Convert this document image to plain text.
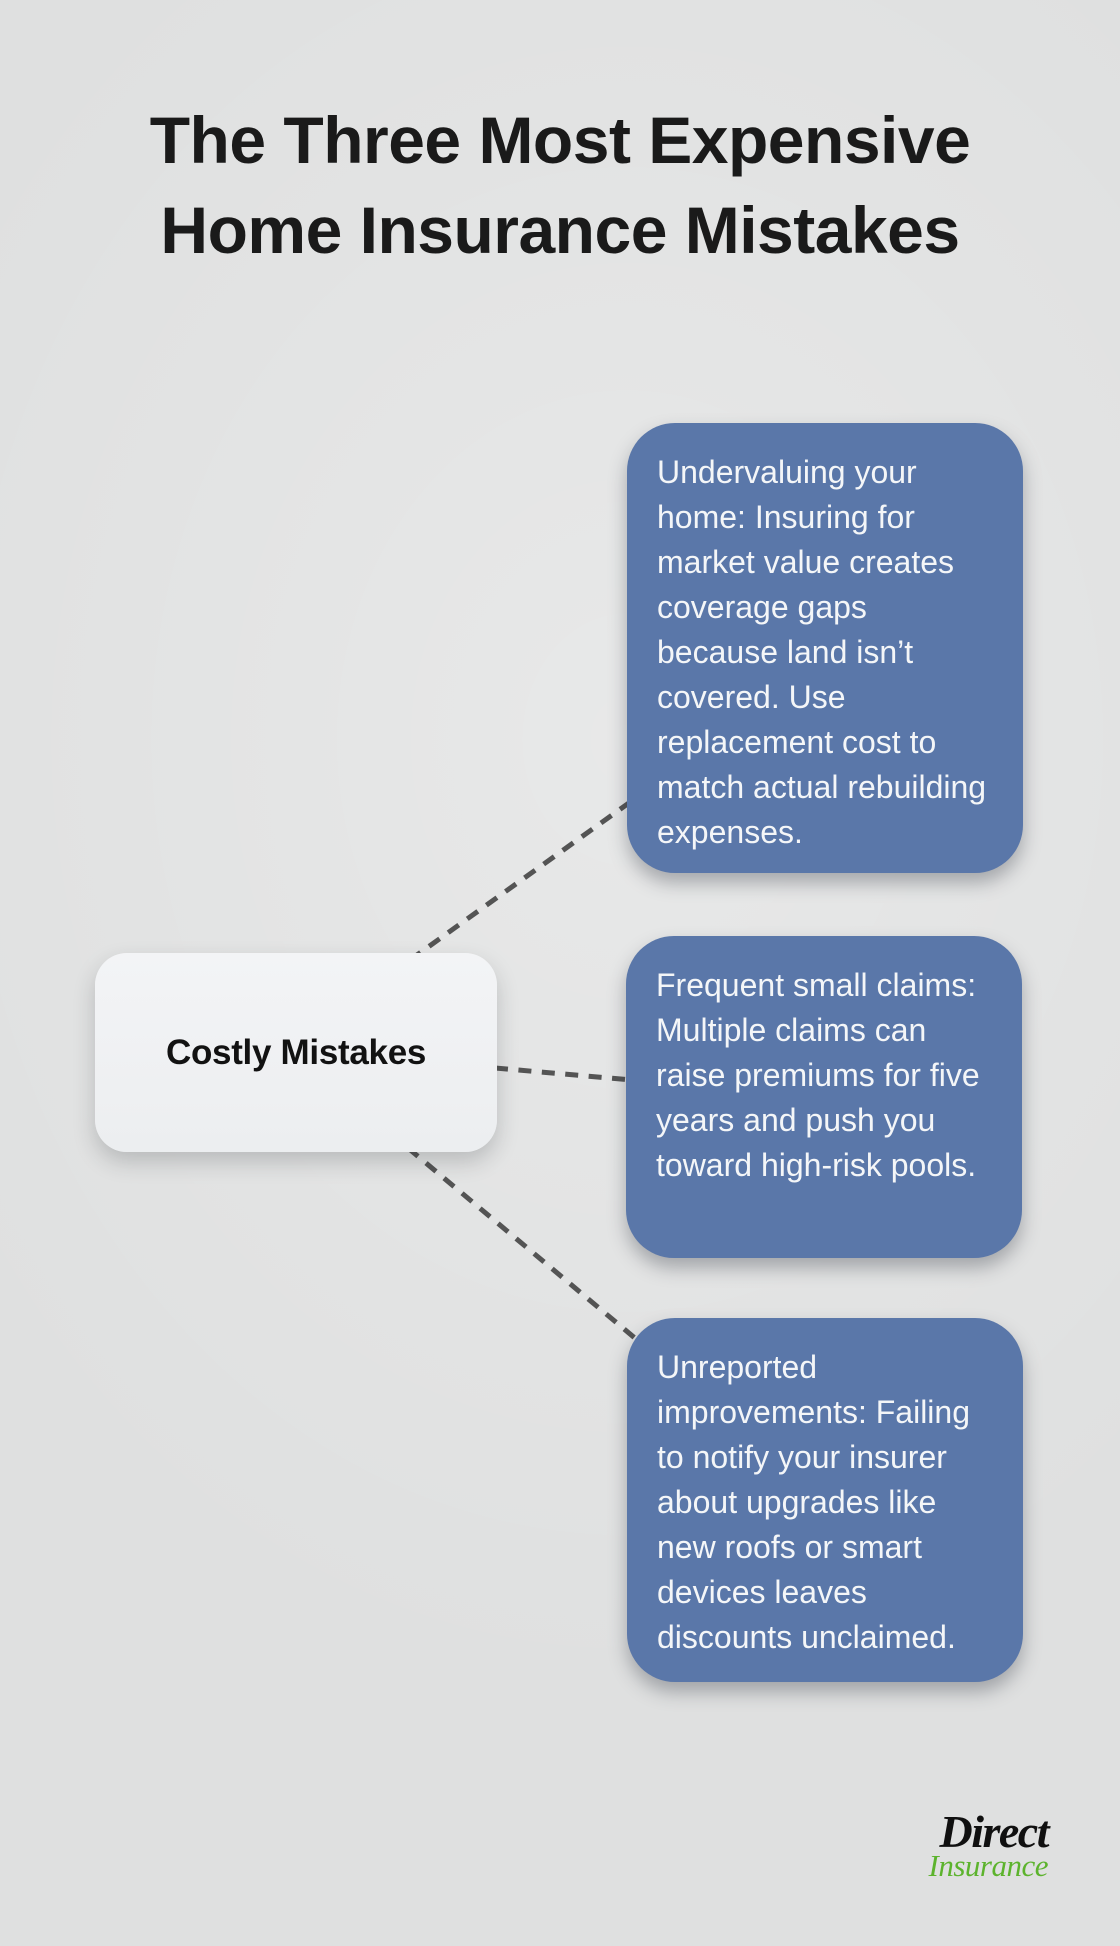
The Three Most Expensive
Home Insurance Mistakes
Costly Mistakes

Undervaluing your home: Insuring for market value creates coverage gaps because land isn’t covered. Use replacement cost to match actual rebuilding expenses.

Frequent small claims: Multiple claims can raise premiums for five years and push you toward high-risk pools.

Unreported improvements: Failing to notify your insurer about upgrades like new roofs or smart devices leaves discounts unclaimed.

Direct
Insurance
